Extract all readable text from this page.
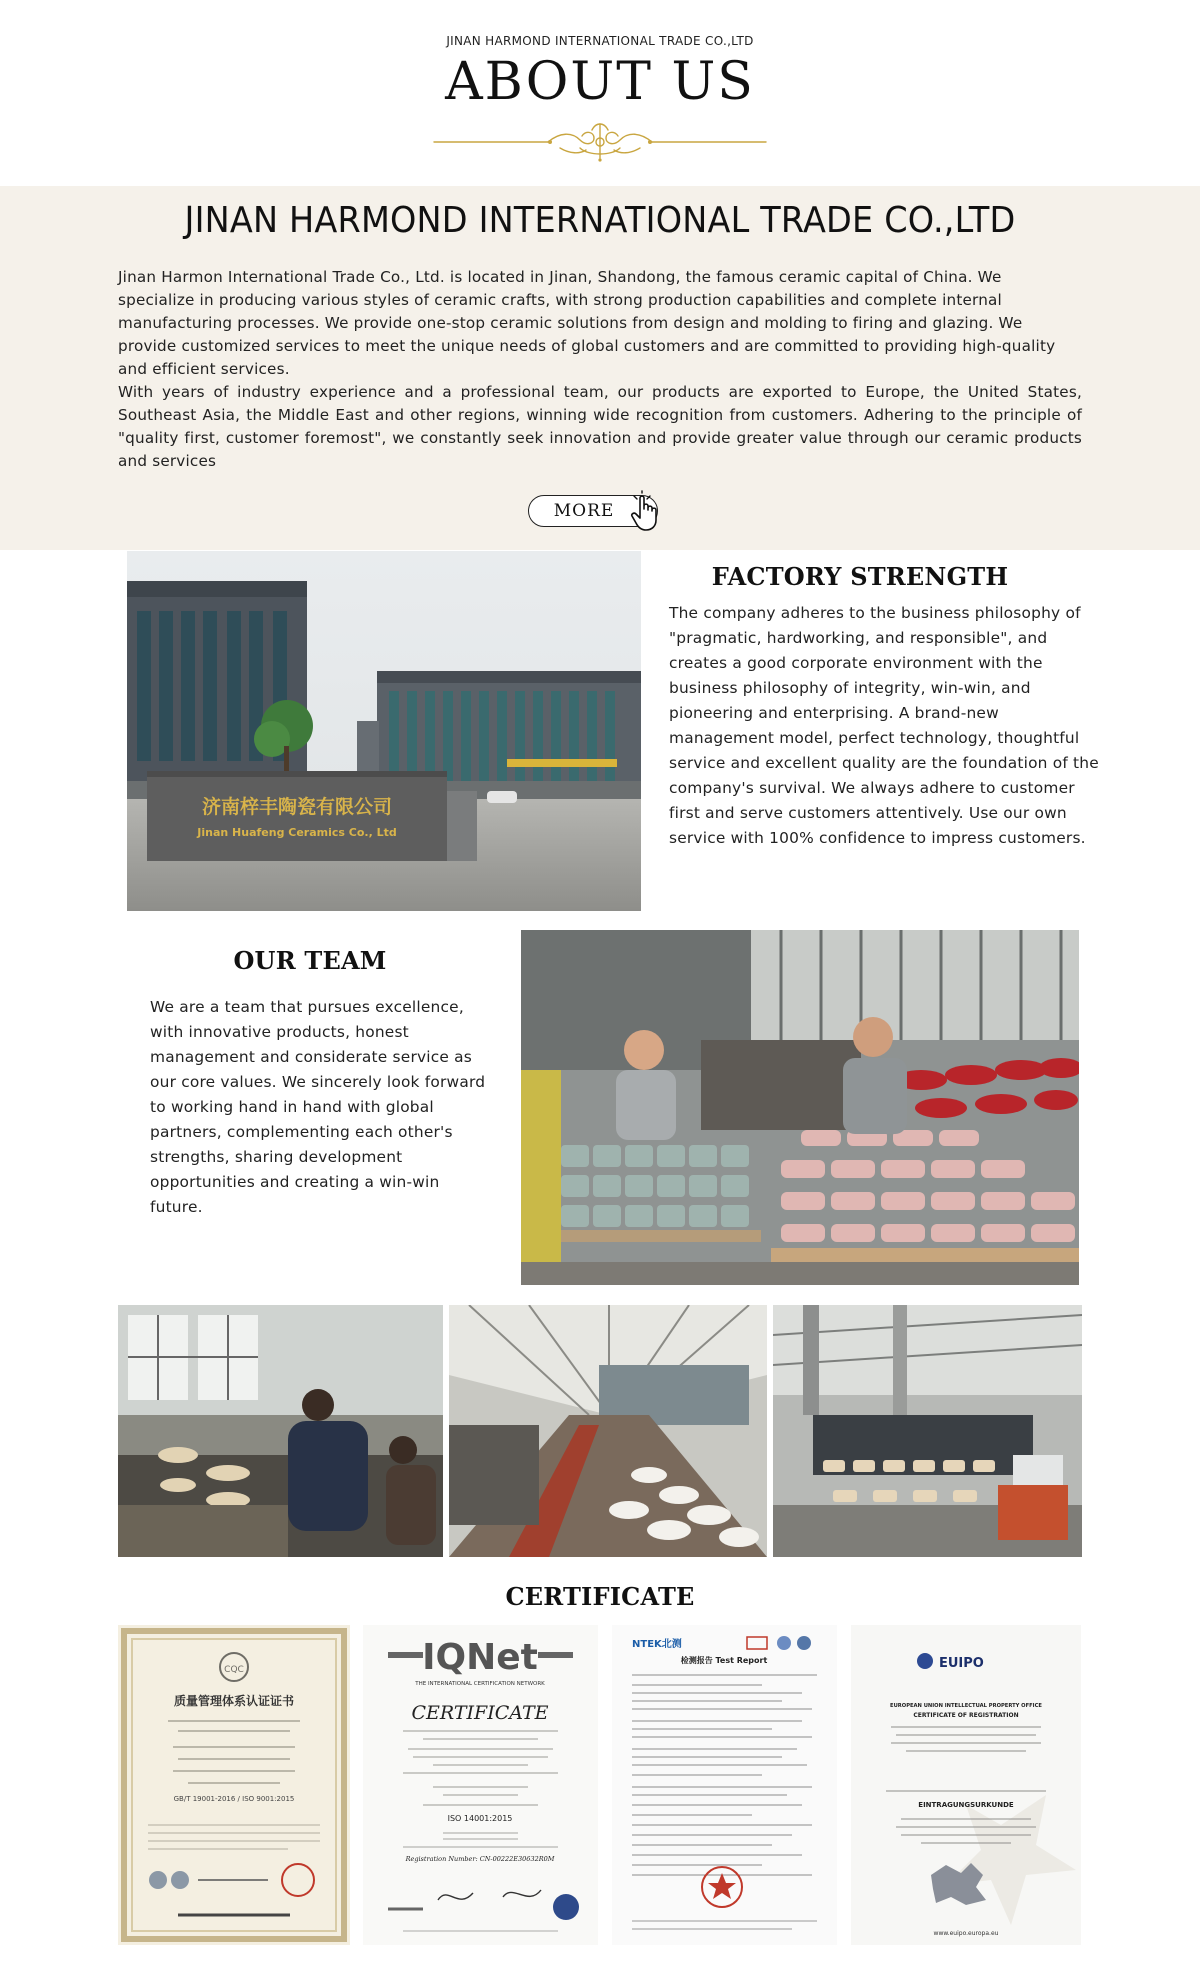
JINAN HARMOND INTERNATIONAL TRADE CO.,LTD
ABOUT US
JINAN HARMOND INTERNATIONAL TRADE CO.,LTD

Jinan Harmon International Trade Co., Ltd. is located in Jinan, Shandong, the famous ceramic capital of China. We specialize in producing various styles of ceramic crafts, with strong production capabilities and complete internal manufacturing processes. We provide one-stop ceramic solutions from design and molding to firing and glazing. We provide customized services to meet the unique needs of global customers and are committed to providing high-quality and efficient services.

With years of industry experience and a professional team, our products are exported to Europe, the United States, Southeast Asia, the Middle East and other regions, winning wide recognition from customers. Adhering to the principle of "quality first, customer foremost", we constantly seek innovation and provide greater value through our ceramic products and services

MORE
济南梓丰陶瓷有限公司
Jinan Huafeng Ceramics Co., Ltd
FACTORY STRENGTH
The company adheres to the business philosophy of "pragmatic, hardworking, and responsible", and creates a good corporate environment with the business philosophy of integrity, win-win, and pioneering and enterprising. A brand-new management model, perfect technology, thoughtful service and excellent quality are the foundation of the company's survival. We always adhere to customer first and serve customers attentively. Use our own service with 100% confidence to impress customers.
OUR TEAM
We are a team that pursues excellence, with innovative products, honest management and considerate service as our core values. We sincerely look forward to working hand in hand with global partners, complementing each other's strengths, sharing development opportunities and creating a win-win future.
CERTIFICATE
CQC
质量管理体系认证证书
GB/T 19001-2016 / ISO 9001:2015
IQNet
THE INTERNATIONAL CERTIFICATION NETWORK
CERTIFICATE
ISO 14001:2015
Registration Number: CN-00222E30632R0M
NTEK北测
检测报告 Test Report	EUIPO
EUROPEAN UNION INTELLECTUAL PROPERTY OFFICE
CERTIFICATE OF REGISTRATION
EINTRAGUNGSURKUNDE
www.euipo.europa.eu
